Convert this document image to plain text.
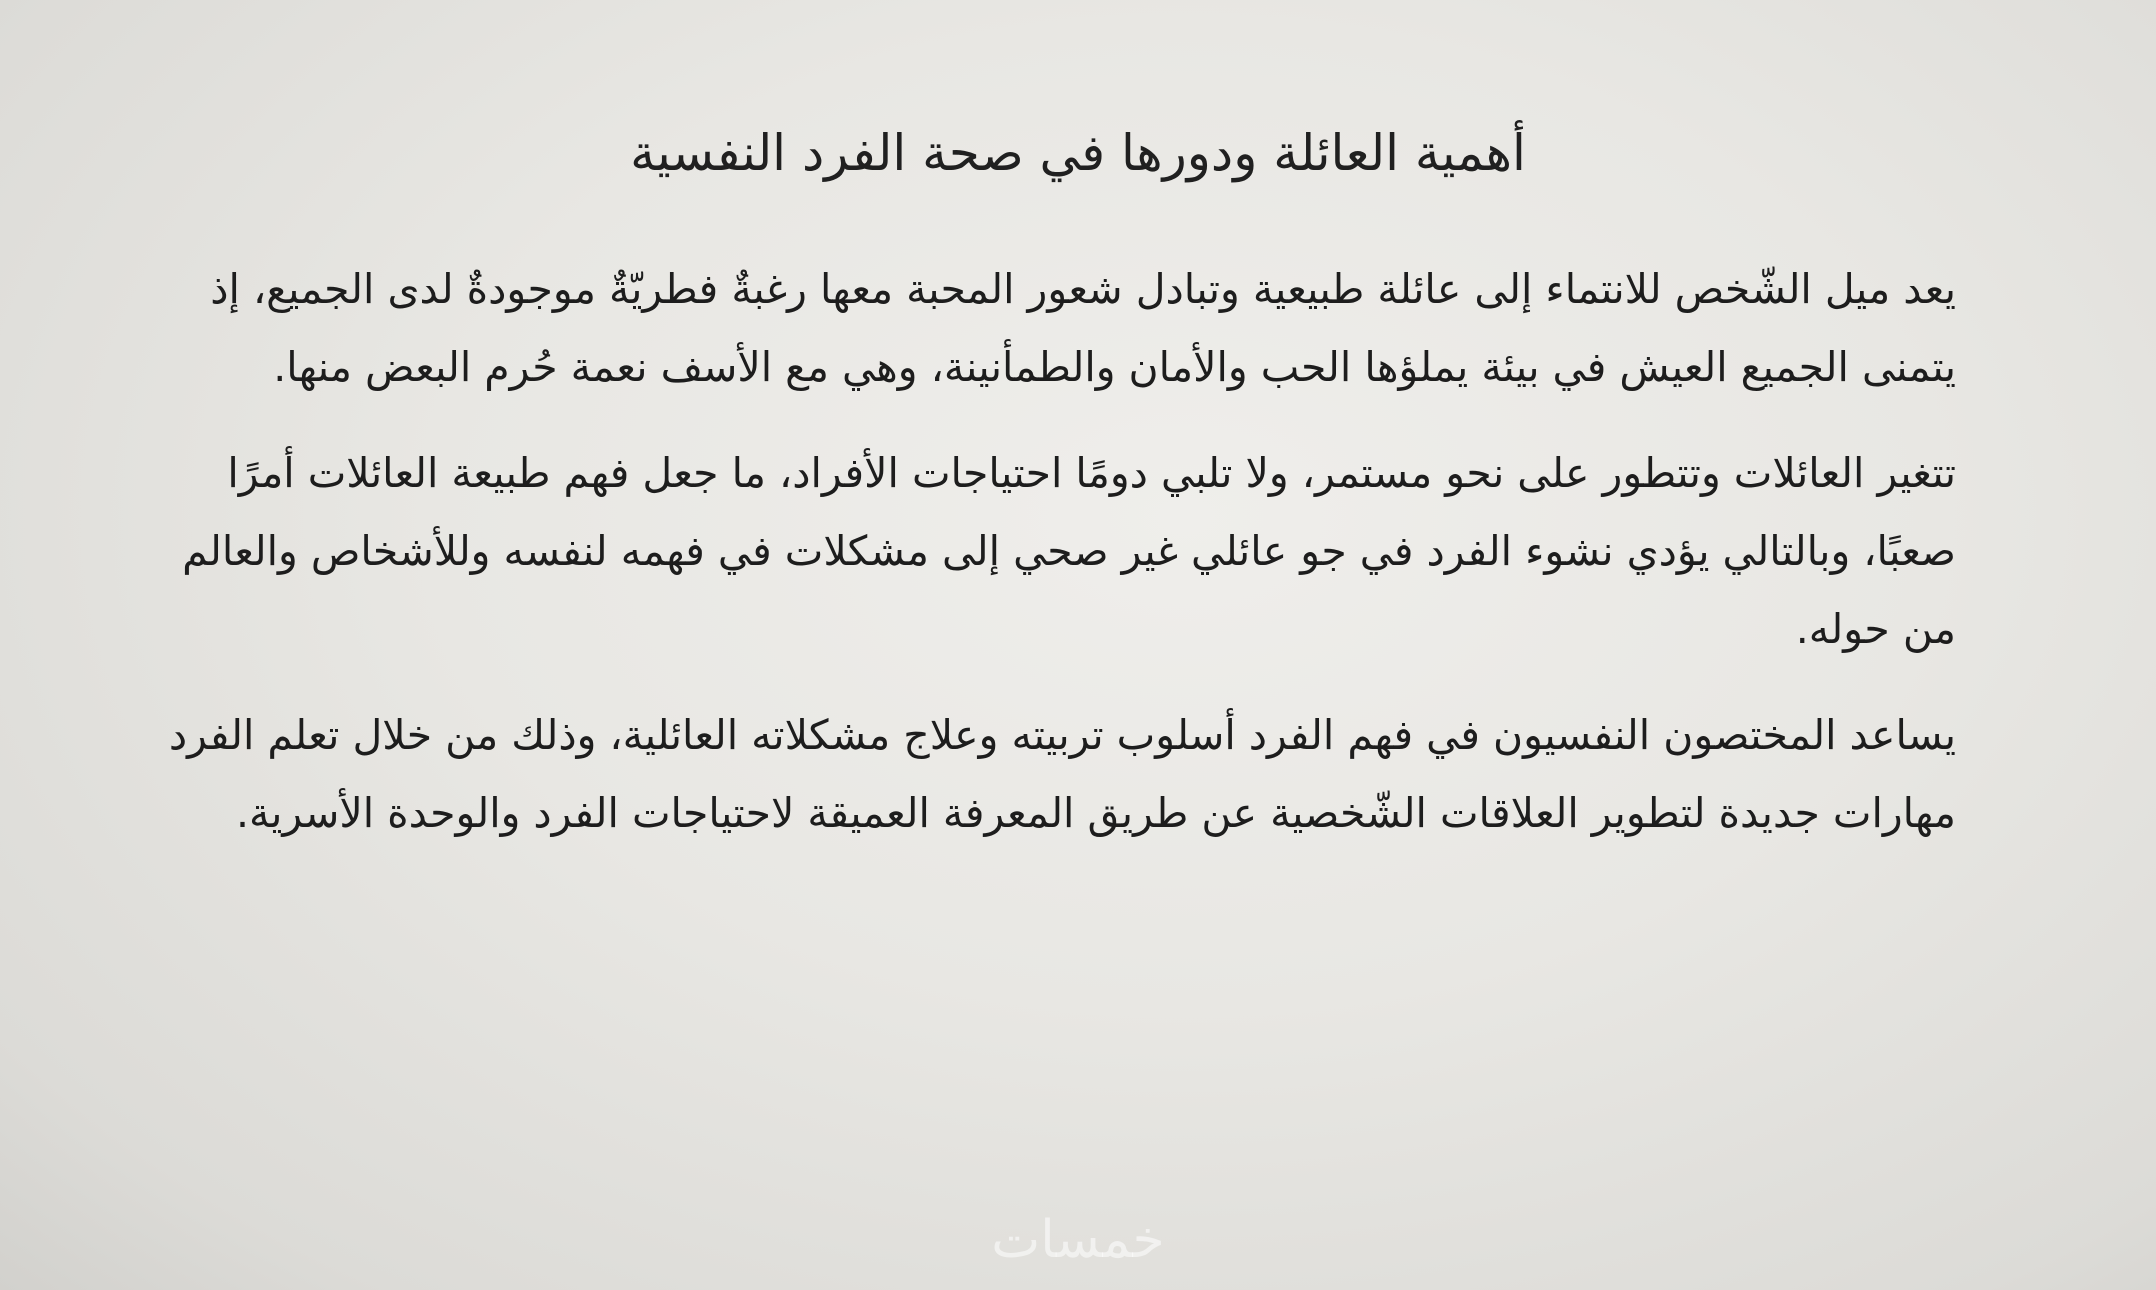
أهمية العائلة ودورها في صحة الفرد النفسية

يعد ميل الشّخص للانتماء إلى عائلة طبيعية وتبادل شعور المحبة معها رغبةٌ فطريّةٌ موجودةٌ لدى الجميع، إذ يتمنى الجميع العيش في بيئة يملؤها الحب والأمان والطمأنينة، وهي مع الأسف نعمة حُرم البعض منها.

تتغير العائلات وتتطور على نحو مستمر، ولا تلبي دومًا احتياجات الأفراد، ما جعل فهم طبيعة العائلات أمرًا صعبًا، وبالتالي يؤدي نشوء الفرد في جو عائلي غير صحي إلى مشكلات في فهمه لنفسه وللأشخاص والعالم من حوله.

يساعد المختصون النفسيون في فهم الفرد أسلوب تربيته وعلاج مشكلاته العائلية، وذلك من خلال تعلم الفرد مهارات جديدة لتطوير العلاقات الشّخصية عن طريق المعرفة العميقة لاحتياجات الفرد والوحدة الأسرية.

خمسات
